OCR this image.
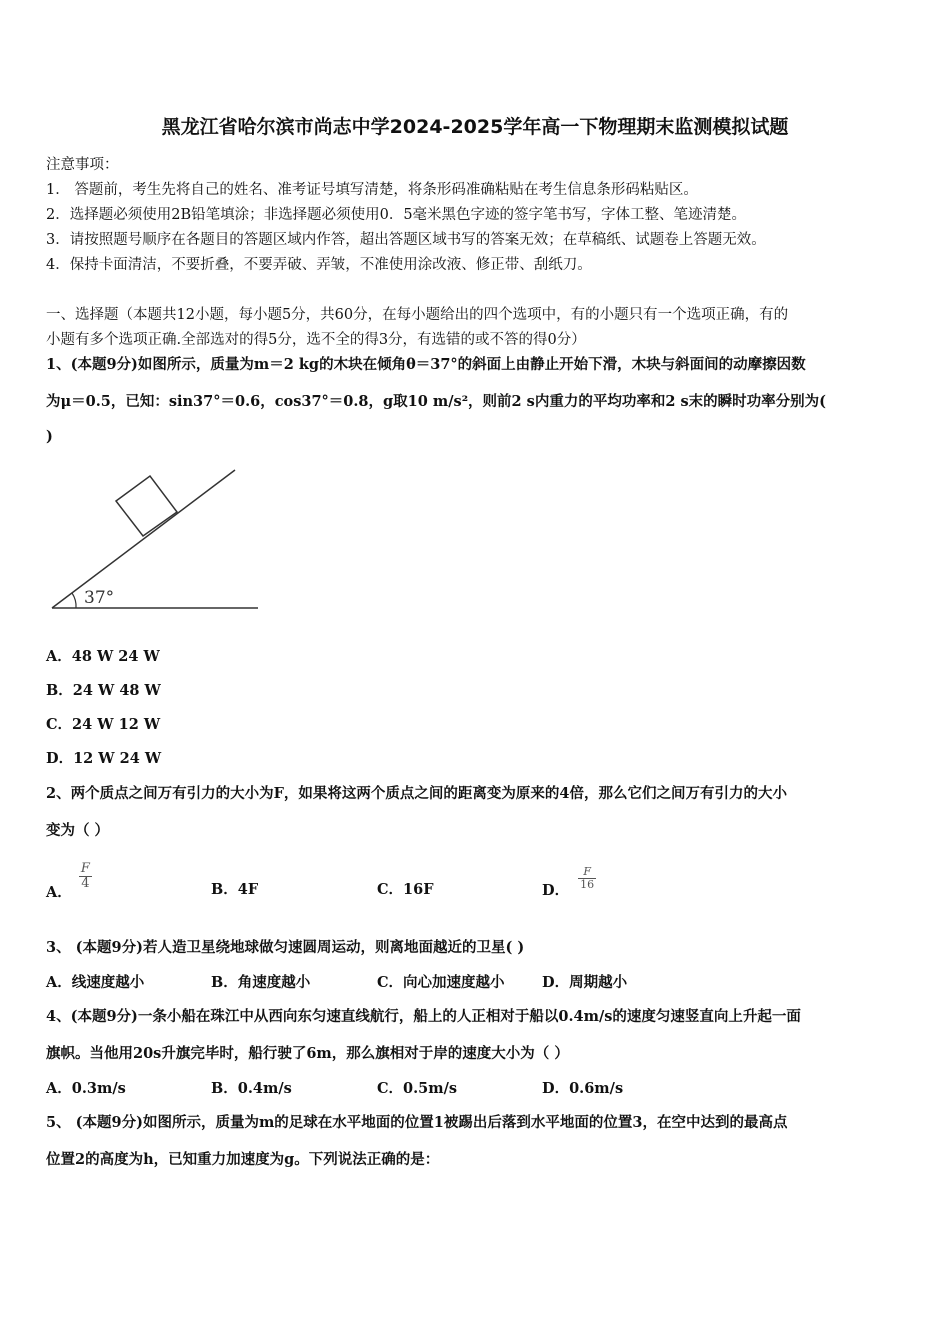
黑龙江省哈尔滨市尚志中学2024-2025学年高一下物理期末监测模拟试题
注意事项：
1． 答题前，考生先将自己的姓名、准考证号填写清楚，将条形码准确粘贴在考生信息条形码粘贴区。
2．选择题必须使用2B铅笔填涂；非选择题必须使用0．5毫米黑色字迹的签字笔书写，字体工整、笔迹清楚。
3．请按照题号顺序在各题目的答题区域内作答，超出答题区域书写的答案无效；在草稿纸、试题卷上答题无效。
4．保持卡面清洁，不要折叠，不要弄破、弄皱，不准使用涂改液、修正带、刮纸刀。
一、选择题（本题共12小题，每小题5分，共60分，在每小题给出的四个选项中，有的小题只有一个选项正确，有的
小题有多个选项正确.全部选对的得5分，选不全的得3分，有选错的或不答的得0分）
1、(本题9分)如图所示，质量为m＝2 kg的木块在倾角θ＝37°的斜面上由静止开始下滑，木块与斜面间的动摩擦因数
为μ＝0.5，已知：sin37°＝0.6，cos37°＝0.8，g取10 m/s²，则前2 s内重力的平均功率和2 s末的瞬时功率分别为(
)
37°
A．48 W 24 W
B．24 W 48 W
C．24 W 12 W
D．12 W 24 W
2、两个质点之间万有引力的大小为F，如果将这两个质点之间的距离变为原来的4倍，那么它们之间万有引力的大小
变为（ ）
A．
$\frac{F}{4}$	B．4F	C．16F	D． $\frac{F}{16}$
3、 (本题9分)若人造卫星绕地球做匀速圆周运动，则离地面越近的卫星( )
A．线速度越小	B．角速度越小	C．向心加速度越小	D．周期越小
4、(本题9分)一条小船在珠江中从西向东匀速直线航行，船上的人正相对于船以0.4m/s的速度匀速竖直向上升起一面
旗帜。当他用20s升旗完毕时，船行驶了6m，那么旗相对于岸的速度大小为（ ）
A．0.3m/s	B．0.4m/s	C．0.5m/s	D．0.6m/s
5、 (本题9分)如图所示，质量为m的足球在水平地面的位置1被踢出后落到水平地面的位置3，在空中达到的最高点
位置2的高度为h，已知重力加速度为g。下列说法正确的是：
